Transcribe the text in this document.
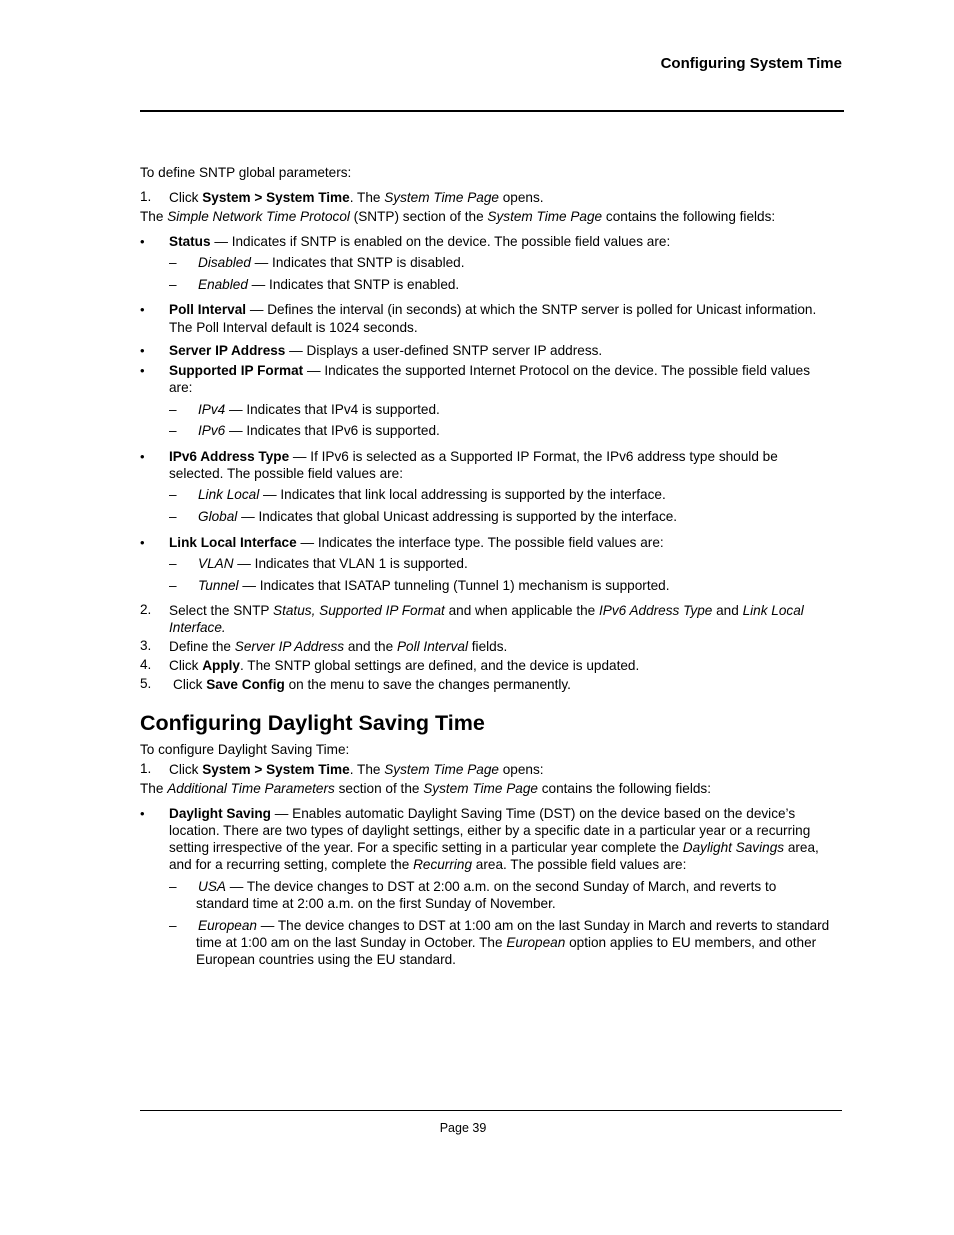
Configuring System Time
To define SNTP global parameters:
1. Click System > System Time. The System Time Page opens.
The Simple Network Time Protocol (SNTP) section of the System Time Page contains the following fields:
• Status — Indicates if SNTP is enabled on the device. The possible field values are:
– Disabled — Indicates that SNTP is disabled.
– Enabled — Indicates that SNTP is enabled.
• Poll Interval — Defines the interval (in seconds) at which the SNTP server is polled for Unicast information.
The Poll Interval default is 1024 seconds.
• Server IP Address — Displays a user-defined SNTP server IP address.
• Supported IP Format — Indicates the supported Internet Protocol on the device. The possible field values
are:
– IPv4 — Indicates that IPv4 is supported.
– IPv6 — Indicates that IPv6 is supported.
• IPv6 Address Type — If IPv6 is selected as a Supported IP Format, the IPv6 address type should be
selected. The possible field values are:
– Link Local — Indicates that link local addressing is supported by the interface.
– Global — Indicates that global Unicast addressing is supported by the interface.
• Link Local Interface — Indicates the interface type. The possible field values are:
– VLAN — Indicates that VLAN 1 is supported.
– Tunnel — Indicates that ISATAP tunneling (Tunnel 1) mechanism is supported.
2. Select the SNTP Status, Supported IP Format and when applicable the IPv6 Address Type and Link Local
Interface.
3. Define the Server IP Address and the Poll Interval fields.
4. Click Apply. The SNTP global settings are defined, and the device is updated.
5. Click Save Config on the menu to save the changes permanently.
Configuring Daylight Saving Time
To configure Daylight Saving Time:
1. Click System > System Time. The System Time Page opens:
The Additional Time Parameters section of the System Time Page contains the following fields:
• Daylight Saving — Enables automatic Daylight Saving Time (DST) on the device based on the device’s
location. There are two types of daylight settings, either by a specific date in a particular year or a recurring
setting irrespective of the year. For a specific setting in a particular year complete the Daylight Savings area,
and for a recurring setting, complete the Recurring area. The possible field values are:
– USA — The device changes to DST at 2:00 a.m. on the second Sunday of March, and reverts to
standard time at 2:00 a.m. on the first Sunday of November.
– European — The device changes to DST at 1:00 am on the last Sunday in March and reverts to standard
time at 1:00 am on the last Sunday in October. The European option applies to EU members, and other
European countries using the EU standard.
Page 39
